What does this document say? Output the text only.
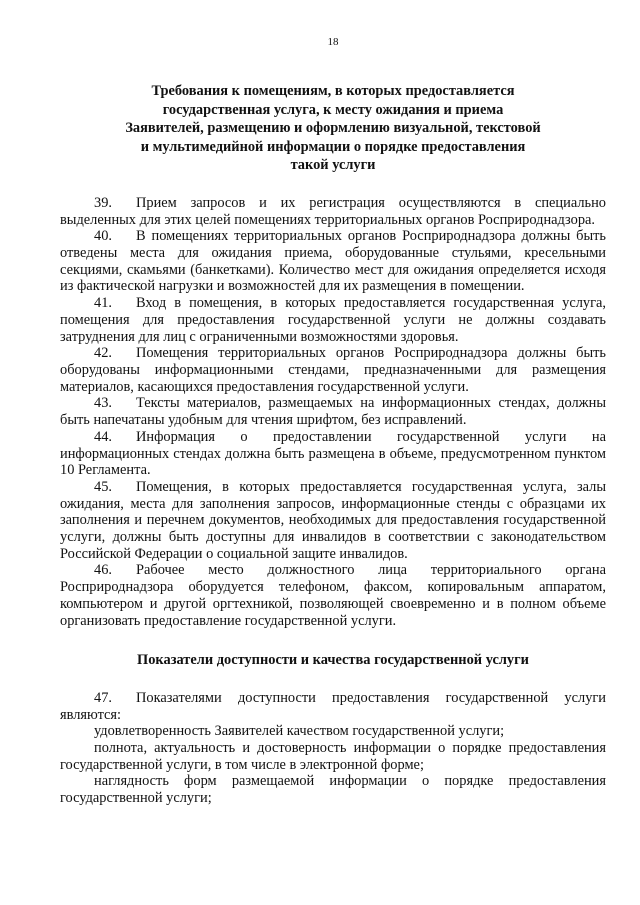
18
Требования к помещениям, в которых предоставляется
государственная услуга, к месту ожидания и приема
Заявителей, размещению и оформлению визуальной, текстовой
и мультимедийной информации о порядке предоставления
такой услуги

39. Прием запросов и их регистрация осуществляются в специально выделенных для этих целей помещениях территориальных органов Росприроднадзора.

40. В помещениях территориальных органов Росприроднадзора должны быть отведены места для ожидания приема, оборудованные стульями, кресельными секциями, скамьями (банкетками). Количество мест для ожидания определяется исходя из фактической нагрузки и возможностей для их размещения в помещении.

41. Вход в помещения, в которых предоставляется государственная услуга, помещения для предоставления государственной услуги не должны создавать затруднения для лиц с ограниченными возможностями здоровья.

42. Помещения территориальных органов Росприроднадзора должны быть оборудованы информационными стендами, предназначенными для размещения материалов, касающихся предоставления государственной услуги.

43. Тексты материалов, размещаемых на информационных стендах, должны быть напечатаны удобным для чтения шрифтом, без исправлений.

44. Информация о предоставлении государственной услуги на информационных стендах должна быть размещена в объеме, предусмотренном пунктом 10 Регламента.

45. Помещения, в которых предоставляется государственная услуга, залы ожидания, места для заполнения запросов, информационные стенды с образцами их заполнения и перечнем документов, необходимых для предоставления государственной услуги, должны быть доступны для инвалидов в соответствии с законодательством Российской Федерации о социальной защите инвалидов.

46. Рабочее место должностного лица территориального органа Росприроднадзора оборудуется телефоном, факсом, копировальным аппаратом, компьютером и другой оргтехникой, позволяющей своевременно и в полном объеме организовать предоставление государственной услуги.

Показатели доступности и качества государственной услуги

47. Показателями доступности предоставления государственной услуги являются:

удовлетворенность Заявителей качеством государственной услуги;

полнота, актуальность и достоверность информации о порядке предоставления государственной услуги, в том числе в электронной форме;

наглядность форм размещаемой информации о порядке предоставления государственной услуги;
